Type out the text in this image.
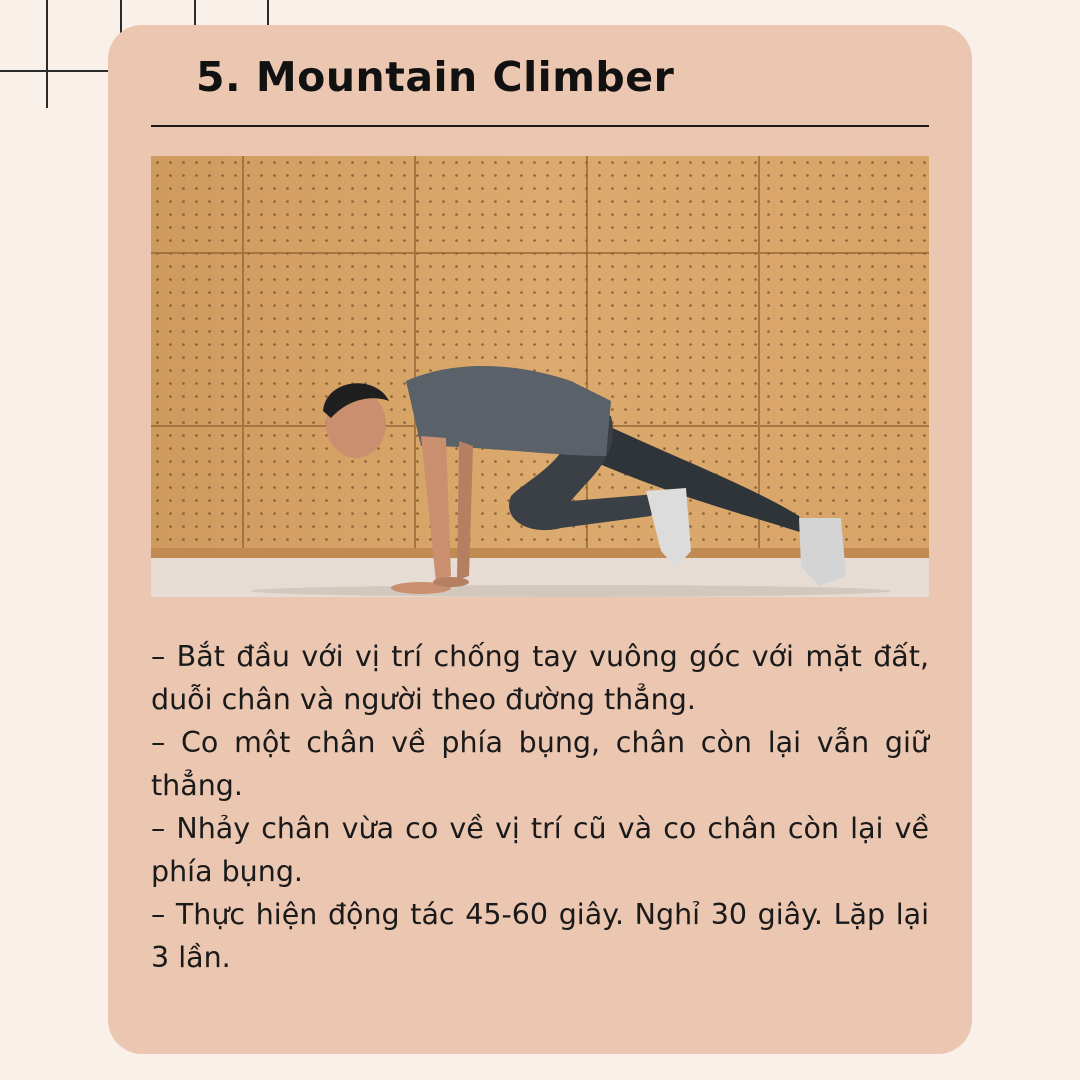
5. Mountain Climber

– Bắt đầu với vị trí chống tay vuông góc với mặt đất, duỗi chân và người theo đường thẳng.

– Co một chân về phía bụng, chân còn lại vẫn giữ thẳng.

– Nhảy chân vừa co về vị trí cũ và co chân còn lại về phía bụng.

– Thực hiện động tác 45-60 giây. Nghỉ 30 giây. Lặp lại 3 lần.
